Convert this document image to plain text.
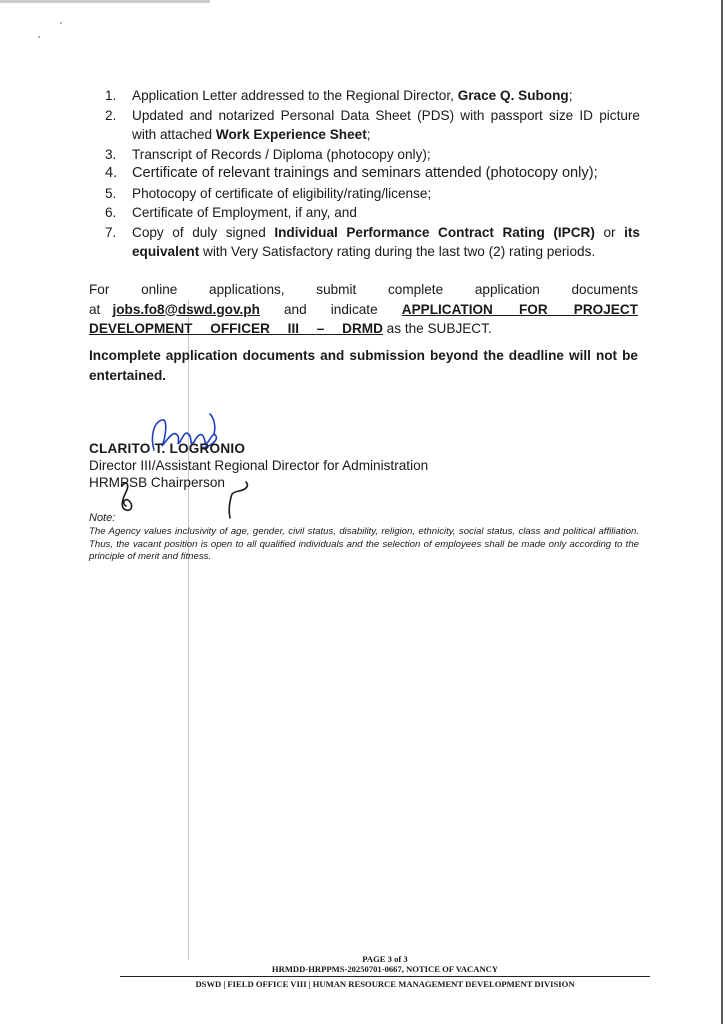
1.	Application Letter addressed to the Regional Director, Grace Q. Subong;
2.	Updated and notarized Personal Data Sheet (PDS) with passport size ID picture with attached Work Experience Sheet;
3.	Transcript of Records / Diploma (photocopy only);
4.	Certificate of relevant trainings and seminars attended (photocopy only);
5.	Photocopy of certificate of eligibility/rating/license;
6.	Certificate of Employment, if any, and
7.	Copy of duly signed Individual Performance Contract Rating (IPCR) or its equivalent with Very Satisfactory rating during the last two (2) rating periods.
For online applications, submit complete application documents
at jobs.fo8@dswd.gov.ph and indicate APPLICATION FOR PROJECT DEVELOPMENT OFFICER III – DRMD as the SUBJECT.
Incomplete application documents and submission beyond the deadline will not be entertained.
CLARITO T. LOGRONIO
Director III/Assistant Regional Director for Administration
HRMPSB Chairperson
Note:
The Agency values inclusivity of age, gender, civil status, disability, religion, ethnicity, social status, class and political affiliation. Thus, the vacant position is open to all qualified individuals and the selection of employees shall be made only according to the principle of merit and fitness.
PAGE 3 of 3
HRMDD-HRPPMS-20250701-0667, NOTICE OF VACANCY
DSWD | FIELD OFFICE VIII | HUMAN RESOURCE MANAGEMENT DEVELOPMENT DIVISION
